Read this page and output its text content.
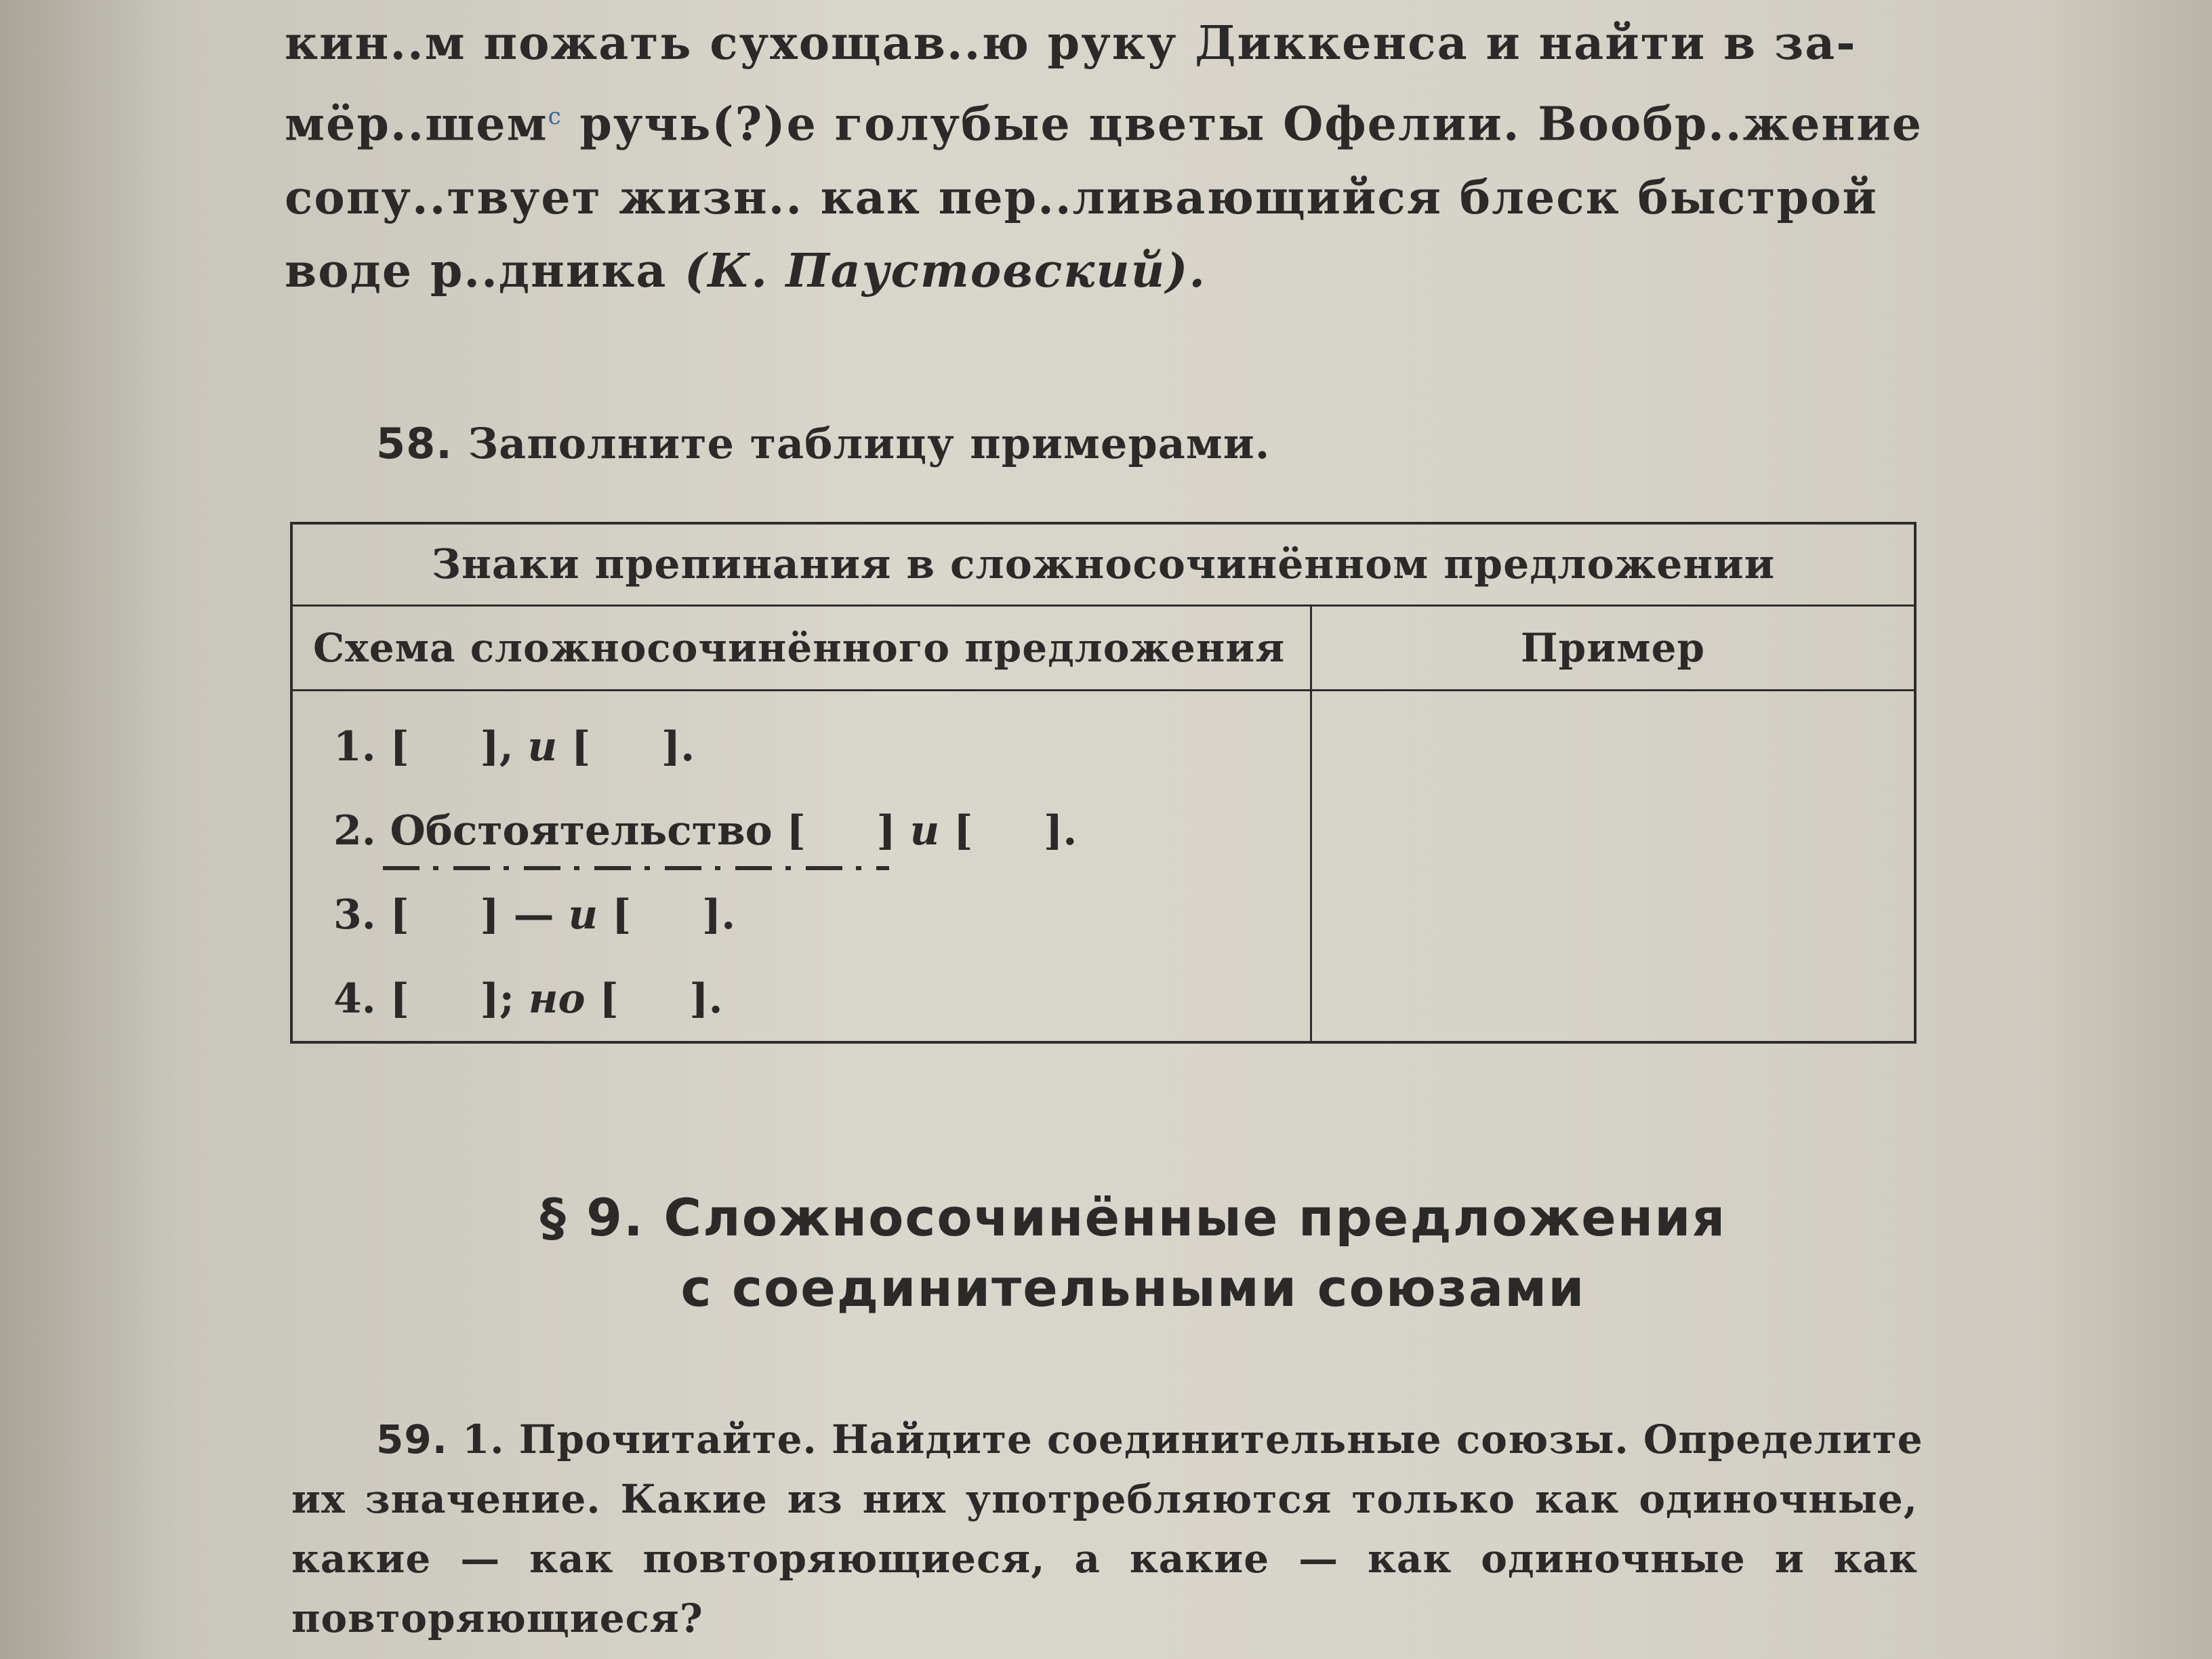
кин..м пожать сухощав..ю руку Диккенса и найти в за-

мёр..шем$^с$ ручь(?)е голубые цветы Офелии. Вообр..жение

сопу..твует жизн.. как пер..ливающийся блеск быстрой

воде р..дника (К. Паустовский).

58. Заполните таблицу примерами.
Знаки препинания в сложносочинённом предложении	
Схема сложносочинённого предложения	Пример

1. [     ], и [     ].
2. Обстоятельство [     ] и [     ].
3. [     ] — и [     ].
4. [     ]; но [     ].	

§ 9. Сложносочинённые предложения
с соединительными союзами
59. 1. Прочитайте. Найдите соединительные союзы. Определите
их значение. Какие из них употребляются только как одиночные,
какие — как повторяющиеся, а какие — как одиночные и как
повторяющиеся?
